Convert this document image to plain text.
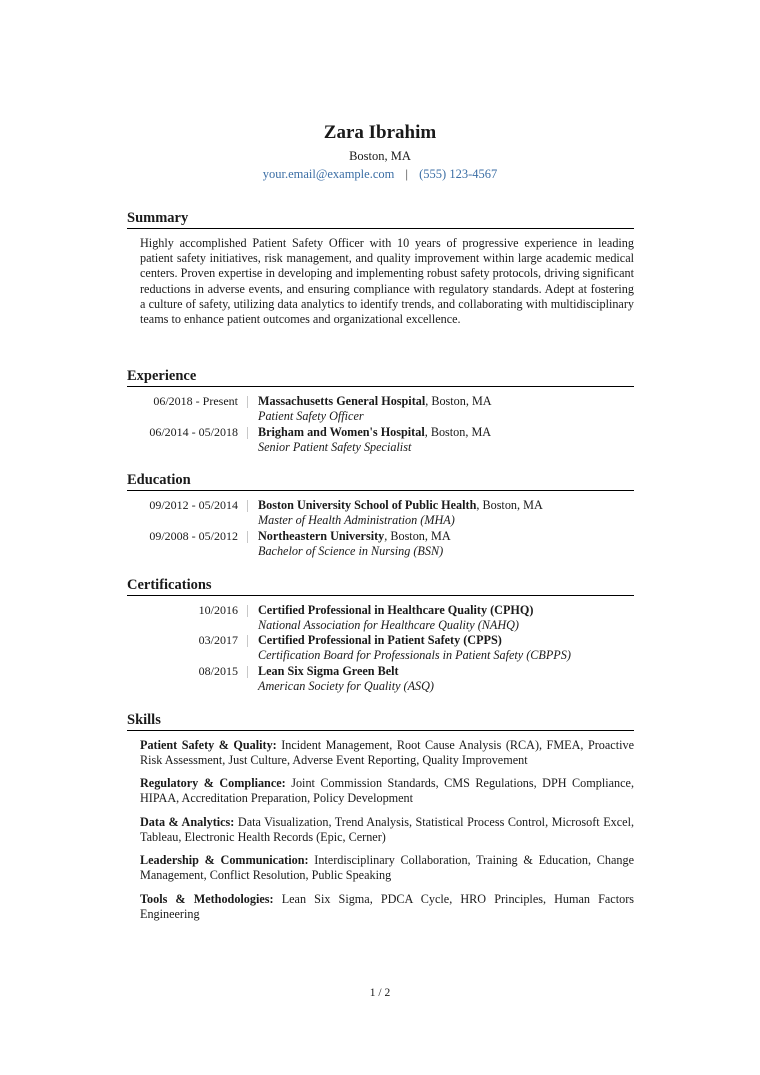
Zara Ibrahim
Boston, MA
your.email@example.com | (555) 123-4567
Summary
Highly accomplished Patient Safety Officer with 10 years of progressive experience in leading patient safety initiatives, risk management, and quality improvement within large academic medical centers. Proven expertise in developing and implementing robust safety protocols, driving significant reductions in adverse events, and ensuring compliance with regulatory standards. Adept at fostering a culture of safety, utilizing data analytics to identify trends, and collaborating with multidisciplinary teams to enhance patient outcomes and organizational excellence.
Experience
06/2018 - Present Massachusetts General Hospital, Boston, MA
Patient Safety Officer
06/2014 - 05/2018 Brigham and Women's Hospital, Boston, MA
Senior Patient Safety Specialist
Education
09/2012 - 05/2014 Boston University School of Public Health, Boston, MA
Master of Health Administration (MHA)
09/2008 - 05/2012 Northeastern University, Boston, MA
Bachelor of Science in Nursing (BSN)
Certifications
10/2016 Certified Professional in Healthcare Quality (CPHQ)
National Association for Healthcare Quality (NAHQ)
03/2017 Certified Professional in Patient Safety (CPPS)
Certification Board for Professionals in Patient Safety (CBPPS)
08/2015 Lean Six Sigma Green Belt
American Society for Quality (ASQ)
Skills
Patient Safety & Quality: Incident Management, Root Cause Analysis (RCA), FMEA, Proactive Risk Assessment, Just Culture, Adverse Event Reporting, Quality Improvement
Regulatory & Compliance: Joint Commission Standards, CMS Regulations, DPH Compliance, HIPAA, Accreditation Preparation, Policy Development
Data & Analytics: Data Visualization, Trend Analysis, Statistical Process Control, Microsoft Excel, Tableau, Electronic Health Records (Epic, Cerner)
Leadership & Communication: Interdisciplinary Collaboration, Training & Education, Change Management, Conflict Resolution, Public Speaking
Tools & Methodologies: Lean Six Sigma, PDCA Cycle, HRO Principles, Human Factors Engineering
1 / 2
